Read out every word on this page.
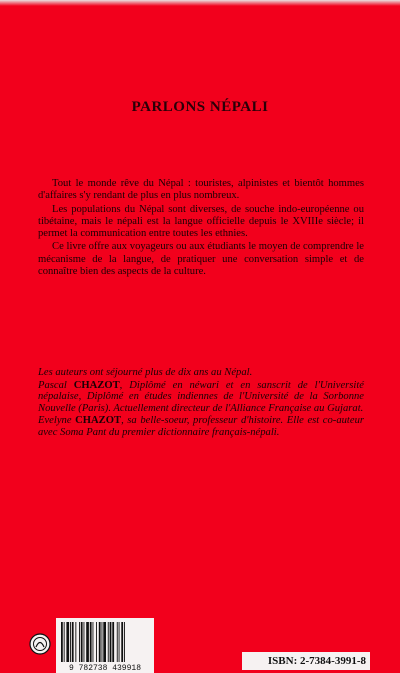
PARLONS NÉPALI

Tout le monde rêve du Népal : touristes, alpinistes et bientôt hommes d'affaires s'y rendant de plus en plus nombreux.

Les populations du Népal sont diverses, de souche indo-européenne ou tibétaine, mais le népali est la langue officielle depuis le XVIIIe siècle; il permet la communication entre toutes les ethnies.

Ce livre offre aux voyageurs ou aux étudiants le moyen de comprendre le mécanisme de la langue, de pratiquer une conversation simple et de connaître bien des aspects de la culture.

Les auteurs ont séjourné plus de dix ans au Népal.

Pascal CHAZOT, Diplômé en néwari et en sanscrit de l'Université népalaise, Diplômé en études indiennes de l'Université de la Sorbonne Nouvelle (Paris). Actuellement directeur de l'Alliance Française au Gujarat.

Evelyne CHAZOT, sa belle-soeur, professeur d'histoire. Elle est co-auteur avec Soma Pant du premier dictionnaire français-népali.

9 782738 439918
ISBN: 2-7384-3991-8
